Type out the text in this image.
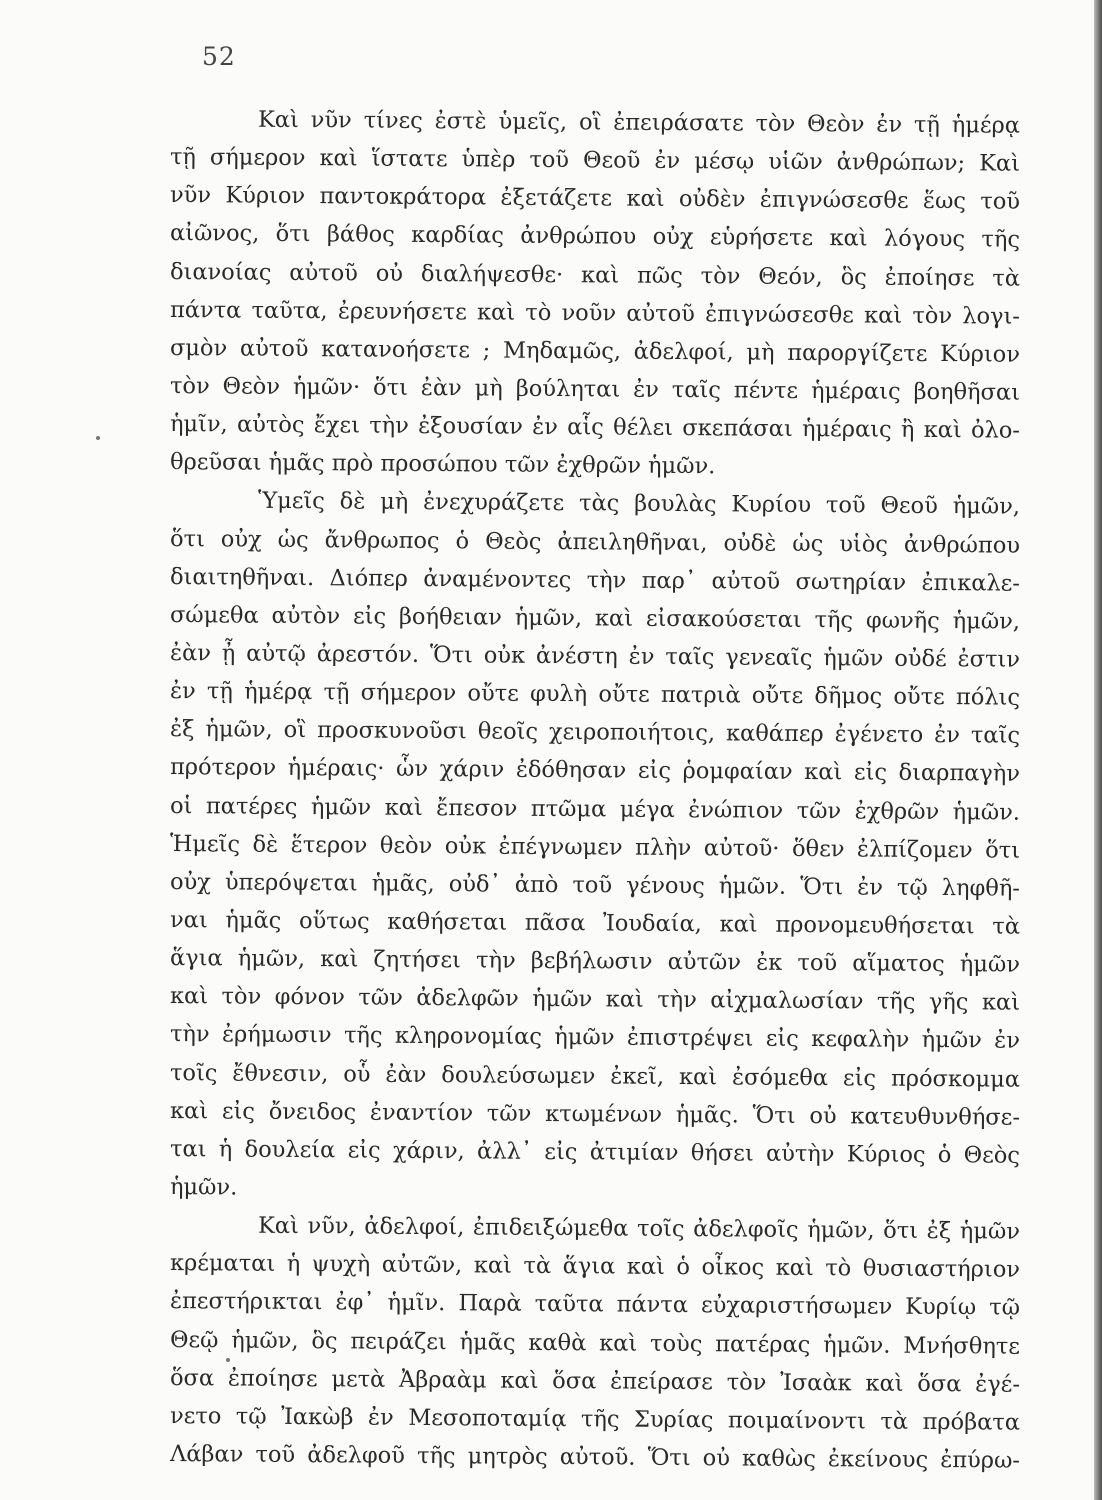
52
Καὶ νῦν τίνες ἐστὲ ὑμεῖς, οἳ ἐπειράσατε τὸν Θεὸν ἐν τῇ ἡμέρᾳ
τῇ σήμερον καὶ ἵστατε ὑπὲρ τοῦ Θεοῦ ἐν μέσῳ υἱῶν ἀνθρώπων; Καὶ
νῦν Κύριον παντοκράτορα ἐξετάζετε καὶ οὐδὲν ἐπιγνώσεσθε ἕως τοῦ
αἰῶνος, ὅτι βάθος καρδίας ἀνθρώπου οὐχ εὑρήσετε καὶ λόγους τῆς
διανοίας αὐτοῦ οὐ διαλήψεσθε· καὶ πῶς τὸν Θεόν, ὃς ἐποίησε τὰ
πάντα ταῦτα, ἐρευνήσετε καὶ τὸ νοῦν αὐτοῦ ἐπιγνώσεσθε καὶ τὸν λογι-
σμὸν αὐτοῦ κατανοήσετε ; Μηδαμῶς, ἀδελφοί, μὴ παροργίζετε Κύριον
τὸν Θεὸν ἡμῶν· ὅτι ἐὰν μὴ βούληται ἐν ταῖς πέντε ἡμέραις βοηθῆσαι
ἡμῖν, αὐτὸς ἔχει τὴν ἐξουσίαν ἐν αἷς θέλει σκεπάσαι ἡμέραις ἢ καὶ ὀλο-
θρεῦσαι ἡμᾶς πρὸ προσώπου τῶν ἐχθρῶν ἡμῶν.
Ὑμεῖς δὲ μὴ ἐνεχυράζετε τὰς βουλὰς Κυρίου τοῦ Θεοῦ ἡμῶν,
ὅτι οὐχ ὡς ἄνθρωπος ὁ Θεὸς ἀπειληθῆναι, οὐδὲ ὡς υἱὸς ἀνθρώπου
διαιτηθῆναι. Διόπερ ἀναμένοντες τὴν παρ᾽ αὐτοῦ σωτηρίαν ἐπικαλε-
σώμεθα αὐτὸν εἰς βοήθειαν ἡμῶν, καὶ εἰσακούσεται τῆς φωνῆς ἡμῶν,
ἐὰν ᾖ αὐτῷ ἀρεστόν. Ὅτι οὐκ ἀνέστη ἐν ταῖς γενεαῖς ἡμῶν οὐδέ ἐστιν
ἐν τῇ ἡμέρᾳ τῇ σήμερον οὔτε φυλὴ οὔτε πατριὰ οὔτε δῆμος οὔτε πόλις
ἐξ ἡμῶν, οἳ προσκυνοῦσι θεοῖς χειροποιήτοις, καθάπερ ἐγένετο ἐν ταῖς
πρότερον ἡμέραις· ὧν χάριν ἐδόθησαν εἰς ῥομφαίαν καὶ εἰς διαρπαγὴν
οἱ πατέρες ἡμῶν καὶ ἔπεσον πτῶμα μέγα ἐνώπιον τῶν ἐχθρῶν ἡμῶν.
Ἡμεῖς δὲ ἕτερον θεὸν οὐκ ἐπέγνωμεν πλὴν αὐτοῦ· ὅθεν ἐλπίζομεν ὅτι
οὐχ ὑπερόψεται ἡμᾶς, οὐδ᾽ ἀπὸ τοῦ γένους ἡμῶν. Ὅτι ἐν τῷ ληφθῆ-
ναι ἡμᾶς οὕτως καθήσεται πᾶσα Ἰουδαία, καὶ προνομευθήσεται τὰ
ἅγια ἡμῶν, καὶ ζητήσει τὴν βεβήλωσιν αὐτῶν ἐκ τοῦ αἵματος ἡμῶν
καὶ τὸν φόνον τῶν ἀδελφῶν ἡμῶν καὶ τὴν αἰχμαλωσίαν τῆς γῆς καὶ
τὴν ἐρήμωσιν τῆς κληρονομίας ἡμῶν ἐπιστρέψει εἰς κεφαλὴν ἡμῶν ἐν
τοῖς ἔθνεσιν, οὗ ἐὰν δουλεύσωμεν ἐκεῖ, καὶ ἐσόμεθα εἰς πρόσκομμα
καὶ εἰς ὄνειδος ἐναντίον τῶν κτωμένων ἡμᾶς. Ὅτι οὐ κατευθυνθήσε-
ται ἡ δουλεία εἰς χάριν, ἀλλ᾽ εἰς ἀτιμίαν θήσει αὐτὴν Κύριος ὁ Θεὸς
ἡμῶν.
Καὶ νῦν, ἀδελφοί, ἐπιδειξώμεθα τοῖς ἀδελφοῖς ἡμῶν, ὅτι ἐξ ἡμῶν
κρέμαται ἡ ψυχὴ αὐτῶν, καὶ τὰ ἅγια καὶ ὁ οἶκος καὶ τὸ θυσιαστήριον
ἐπεστήρικται ἐφ᾽ ἡμῖν. Παρὰ ταῦτα πάντα εὐχαριστήσωμεν Κυρίῳ τῷ
Θεῷ ἡμῶν, ὃς πειράζει ἡμᾶς καθὰ καὶ τοὺς πατέρας ἡμῶν. Μνήσθητε
ὅσα ἐποίησε μετὰ Ἀβραὰμ καὶ ὅσα ἐπείρασε τὸν Ἰσαὰκ καὶ ὅσα ἐγέ-
νετο τῷ Ἰακὼβ ἐν Μεσοποταμίᾳ τῆς Συρίας ποιμαίνοντι τὰ πρόβατα
Λάβαν τοῦ ἀδελφοῦ τῆς μητρὸς αὐτοῦ. Ὅτι οὐ καθὼς ἐκείνους ἐπύρω-
